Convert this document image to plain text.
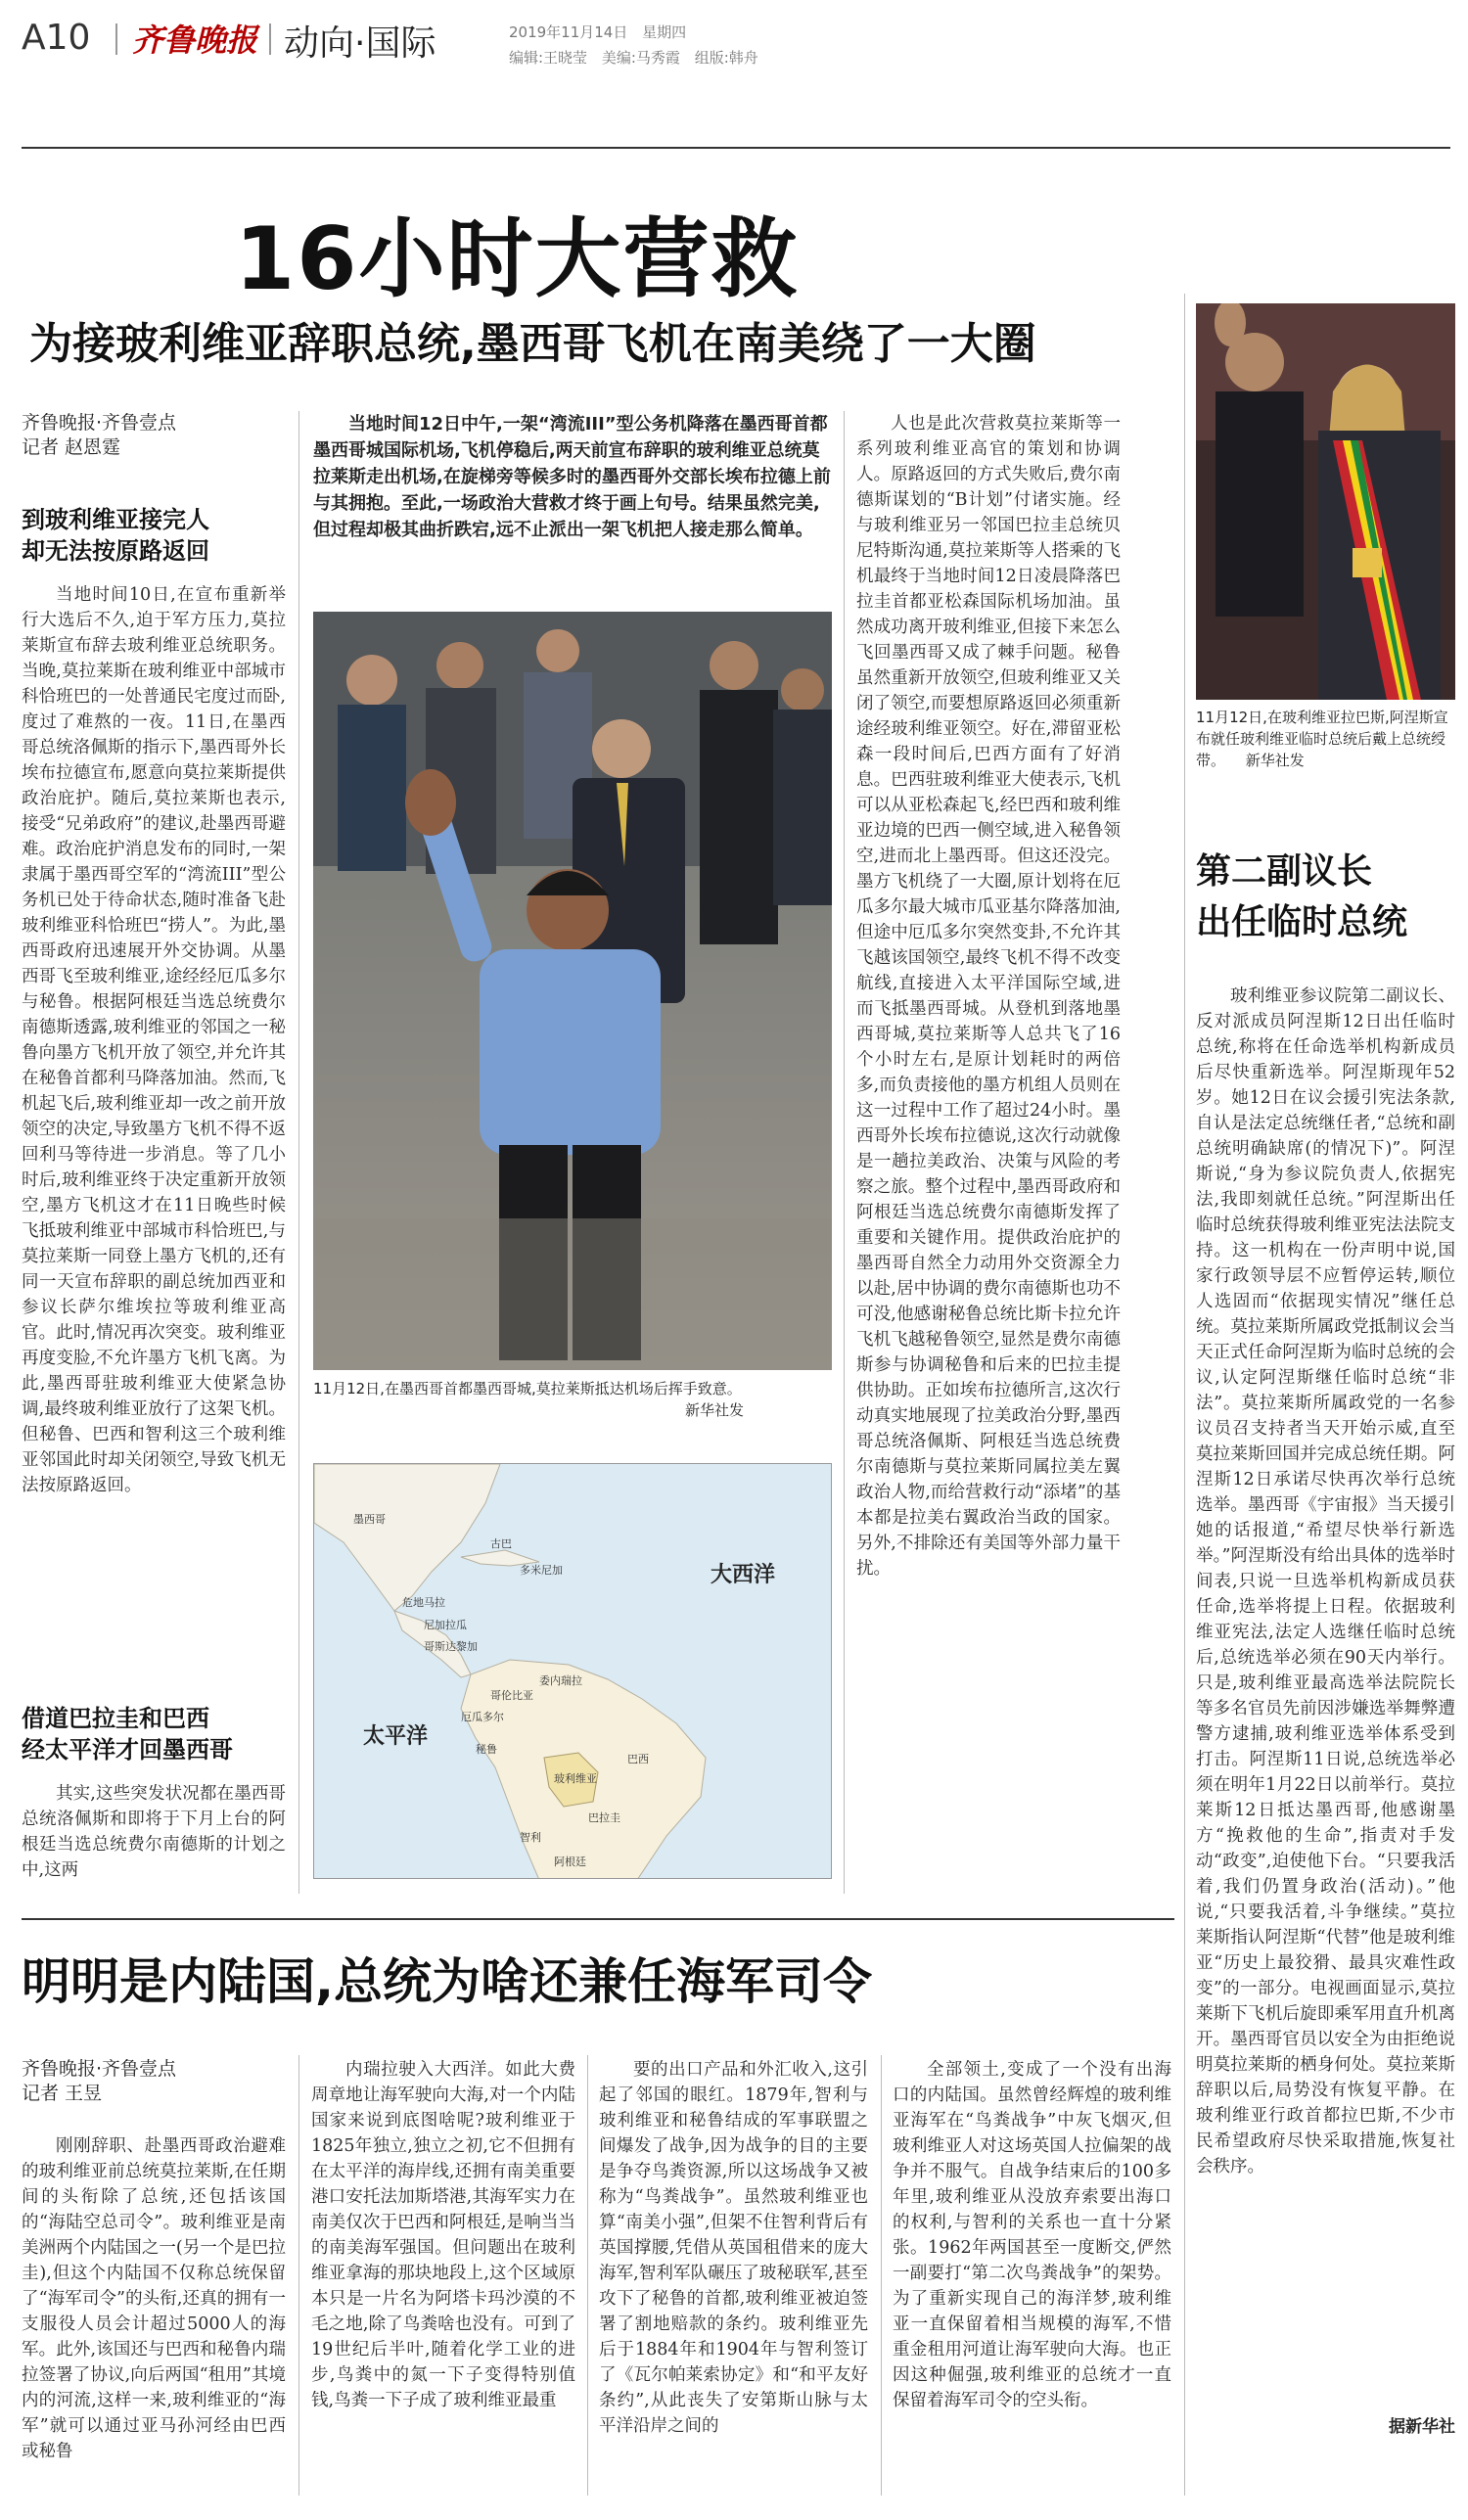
A10 齐鲁晚报 动向·国际	2019年11月14日 星期四
编辑:王晓莹 美编:马秀霞 组版:韩舟
16小时大营救
为接玻利维亚辞职总统,墨西哥飞机在南美绕了一大圈
齐鲁晚报·齐鲁壹点
记者 赵恩霆
到玻利维亚接完人
却无法按原路返回
当地时间10日,在宣布重新举行大选后不久,迫于军方压力,莫拉莱斯宣布辞去玻利维亚总统职务。当晚,莫拉莱斯在玻利维亚中部城市科恰班巴的一处普通民宅度过而卧,度过了难熬的一夜。11日,在墨西哥总统洛佩斯的指示下,墨西哥外长埃布拉德宣布,愿意向莫拉莱斯提供政治庇护。随后,莫拉莱斯也表示,接受“兄弟政府”的建议,赴墨西哥避难。政治庇护消息发布的同时,一架隶属于墨西哥空军的“湾流III”型公务机已处于待命状态,随时准备飞赴玻利维亚科恰班巴“捞人”。为此,墨西哥政府迅速展开外交协调。从墨西哥飞至玻利维亚,途经经厄瓜多尔与秘鲁。根据阿根廷当选总统费尔南德斯透露,玻利维亚的邻国之一秘鲁向墨方飞机开放了领空,并允许其在秘鲁首都利马降落加油。然而,飞机起飞后,玻利维亚却一改之前开放领空的决定,导致墨方飞机不得不返回利马等待进一步消息。等了几小时后,玻利维亚终于决定重新开放领空,墨方飞机这才在11日晚些时候飞抵玻利维亚中部城市科恰班巴,与莫拉莱斯一同登上墨方飞机的,还有同一天宣布辞职的副总统加西亚和参议长萨尔维埃拉等玻利维亚高官。此时,情况再次突变。玻利维亚再度变脸,不允许墨方飞机飞离。为此,墨西哥驻玻利维亚大使紧急协调,最终玻利维亚放行了这架飞机。但秘鲁、巴西和智利这三个玻利维亚邻国此时却关闭领空,导致飞机无法按原路返回。
借道巴拉圭和巴西
经太平洋才回墨西哥
其实,这些突发状况都在墨西哥总统洛佩斯和即将于下月上台的阿根廷当选总统费尔南德斯的计划之中,这两
当地时间12日中午,一架“湾流III”型公务机降落在墨西哥首都墨西哥城国际机场,飞机停稳后,两天前宣布辞职的玻利维亚总统莫拉莱斯走出机场,在旋梯旁等候多时的墨西哥外交部长埃布拉德上前与其拥抱。至此,一场政治大营救才终于画上句号。结果虽然完美,但过程却极其曲折跌宕,远不止派出一架飞机把人接走那么简单。
11月12日,在墨西哥首都墨西哥城,莫拉莱斯抵达机场后挥手致意。
新华社发
墨西哥
古巴
多米尼加
危地马拉
尼加拉瓜
哥斯达黎加
委内瑞拉
哥伦比亚
厄瓜多尔
秘鲁
巴西
玻利维亚
巴拉圭
智利
阿根廷
大西洋
太平洋
人也是此次营救莫拉莱斯等一系列玻利维亚高官的策划和协调人。原路返回的方式失败后,费尔南德斯谋划的“B计划”付诸实施。经与玻利维亚另一邻国巴拉圭总统贝尼特斯沟通,莫拉莱斯等人搭乘的飞机最终于当地时间12日凌晨降落巴拉圭首都亚松森国际机场加油。虽然成功离开玻利维亚,但接下来怎么飞回墨西哥又成了棘手问题。秘鲁虽然重新开放领空,但玻利维亚又关闭了领空,而要想原路返回必须重新途经玻利维亚领空。好在,滞留亚松森一段时间后,巴西方面有了好消息。巴西驻玻利维亚大使表示,飞机可以从亚松森起飞,经巴西和玻利维亚边境的巴西一侧空域,进入秘鲁领空,进而北上墨西哥。但这还没完。墨方飞机绕了一大圈,原计划将在厄瓜多尔最大城市瓜亚基尔降落加油,但途中厄瓜多尔突然变卦,不允许其飞越该国领空,最终飞机不得不改变航线,直接进入太平洋国际空域,进而飞抵墨西哥城。从登机到落地墨西哥城,莫拉莱斯等人总共飞了16个小时左右,是原计划耗时的两倍多,而负责接他的墨方机组人员则在这一过程中工作了超过24小时。墨西哥外长埃布拉德说,这次行动就像是一趟拉美政治、决策与风险的考察之旅。整个过程中,墨西哥政府和阿根廷当选总统费尔南德斯发挥了重要和关键作用。提供政治庇护的墨西哥自然全力动用外交资源全力以赴,居中协调的费尔南德斯也功不可没,他感谢秘鲁总统比斯卡拉允许飞机飞越秘鲁领空,显然是费尔南德斯参与协调秘鲁和后来的巴拉圭提供协助。正如埃布拉德所言,这次行动真实地展现了拉美政治分野,墨西哥总统洛佩斯、阿根廷当选总统费尔南德斯与莫拉莱斯同属拉美左翼政治人物,而给营救行动“添堵”的基本都是拉美右翼政治当政的国家。另外,不排除还有美国等外部力量干扰。
11月12日,在玻利维亚拉巴斯,阿涅斯宣布就任玻利维亚临时总统后戴上总统绶带。 新华社发
第二副议长
出任临时总统
玻利维亚参议院第二副议长、反对派成员阿涅斯12日出任临时总统,称将在任命选举机构新成员后尽快重新选举。阿涅斯现年52岁。她12日在议会援引宪法条款,自认是法定总统继任者,“总统和副总统明确缺席(的情况下)”。阿涅斯说,“身为参议院负责人,依据宪法,我即刻就任总统。”阿涅斯出任临时总统获得玻利维亚宪法法院支持。这一机构在一份声明中说,国家行政领导层不应暂停运转,顺位人选固而“依据现实情况”继任总统。莫拉莱斯所属政党抵制议会当天正式任命阿涅斯为临时总统的会议,认定阿涅斯继任临时总统“非法”。莫拉莱斯所属政党的一名参议员召支持者当天开始示威,直至莫拉莱斯回国并完成总统任期。阿涅斯12日承诺尽快再次举行总统选举。墨西哥《宇宙报》当天援引她的话报道,“希望尽快举行新选举。”阿涅斯没有给出具体的选举时间表,只说一旦选举机构新成员获任命,选举将提上日程。依据玻利维亚宪法,法定人选继任临时总统后,总统选举必须在90天内举行。只是,玻利维亚最高选举法院院长等多名官员先前因涉嫌选举舞弊遭警方逮捕,玻利维亚选举体系受到打击。阿涅斯11日说,总统选举必须在明年1月22日以前举行。莫拉莱斯12日抵达墨西哥,他感谢墨方“挽救他的生命”,指责对手发动“政变”,迫使他下台。“只要我活着,我们仍置身政治(活动)。”他说,“只要我活着,斗争继续。”莫拉莱斯指认阿涅斯“代替”他是玻利维亚“历史上最狡猾、最具灾难性政变”的一部分。电视画面显示,莫拉莱斯下飞机后旋即乘军用直升机离开。墨西哥官员以安全为由拒绝说明莫拉莱斯的栖身何处。莫拉莱斯辞职以后,局势没有恢复平静。在玻利维亚行政首都拉巴斯,不少市民希望政府尽快采取措施,恢复社会秩序。
据新华社
明明是内陆国,总统为啥还兼任海军司令
齐鲁晚报·齐鲁壹点
记者 王昱
刚刚辞职、赴墨西哥政治避难的玻利维亚前总统莫拉莱斯,在任期间的头衔除了总统,还包括该国的“海陆空总司令”。玻利维亚是南美洲两个内陆国之一(另一个是巴拉圭),但这个内陆国不仅称总统保留了“海军司令”的头衔,还真的拥有一支服役人员会计超过5000人的海军。此外,该国还与巴西和秘鲁内瑞拉签署了协议,向后两国“租用”其境内的河流,这样一来,玻利维亚的“海军”就可以通过亚马孙河经由巴西或秘鲁
内瑞拉驶入大西洋。如此大费周章地让海军驶向大海,对一个内陆国家来说到底图啥呢?玻利维亚于1825年独立,独立之初,它不但拥有在太平洋的海岸线,还拥有南美重要港口安托法加斯塔港,其海军实力在南美仅次于巴西和阿根廷,是响当当的南美海军强国。但问题出在玻利维亚拿海的那块地段上,这个区域原本只是一片名为阿塔卡玛沙漠的不毛之地,除了鸟粪啥也没有。可到了19世纪后半叶,随着化学工业的进步,鸟粪中的氮一下子变得特别值钱,鸟粪一下子成了玻利维亚最重
要的出口产品和外汇收入,这引起了邻国的眼红。1879年,智利与玻利维亚和秘鲁结成的军事联盟之间爆发了战争,因为战争的目的主要是争夺鸟粪资源,所以这场战争又被称为“鸟粪战争”。虽然玻利维亚也算“南美小强”,但架不住智利背后有英国撑腰,凭借从英国租借来的庞大海军,智利军队碾压了玻秘联军,甚至攻下了秘鲁的首都,玻利维亚被迫签署了割地赔款的条约。玻利维亚先后于1884年和1904年与智利签订了《瓦尔帕莱索协定》和“和平友好条约”,从此丧失了安第斯山脉与太平洋沿岸之间的
全部领土,变成了一个没有出海口的内陆国。虽然曾经辉煌的玻利维亚海军在“鸟粪战争”中灰飞烟灭,但玻利维亚人对这场英国人拉偏架的战争并不服气。自战争结束后的100多年里,玻利维亚从没放弃索要出海口的权利,与智利的关系也一直十分紧张。1962年两国甚至一度断交,俨然一副要打“第二次鸟粪战争”的架势。为了重新实现自己的海洋梦,玻利维亚一直保留着相当规模的海军,不惜重金租用河道让海军驶向大海。也正因这种倔强,玻利维亚的总统才一直保留着海军司令的空头衔。
